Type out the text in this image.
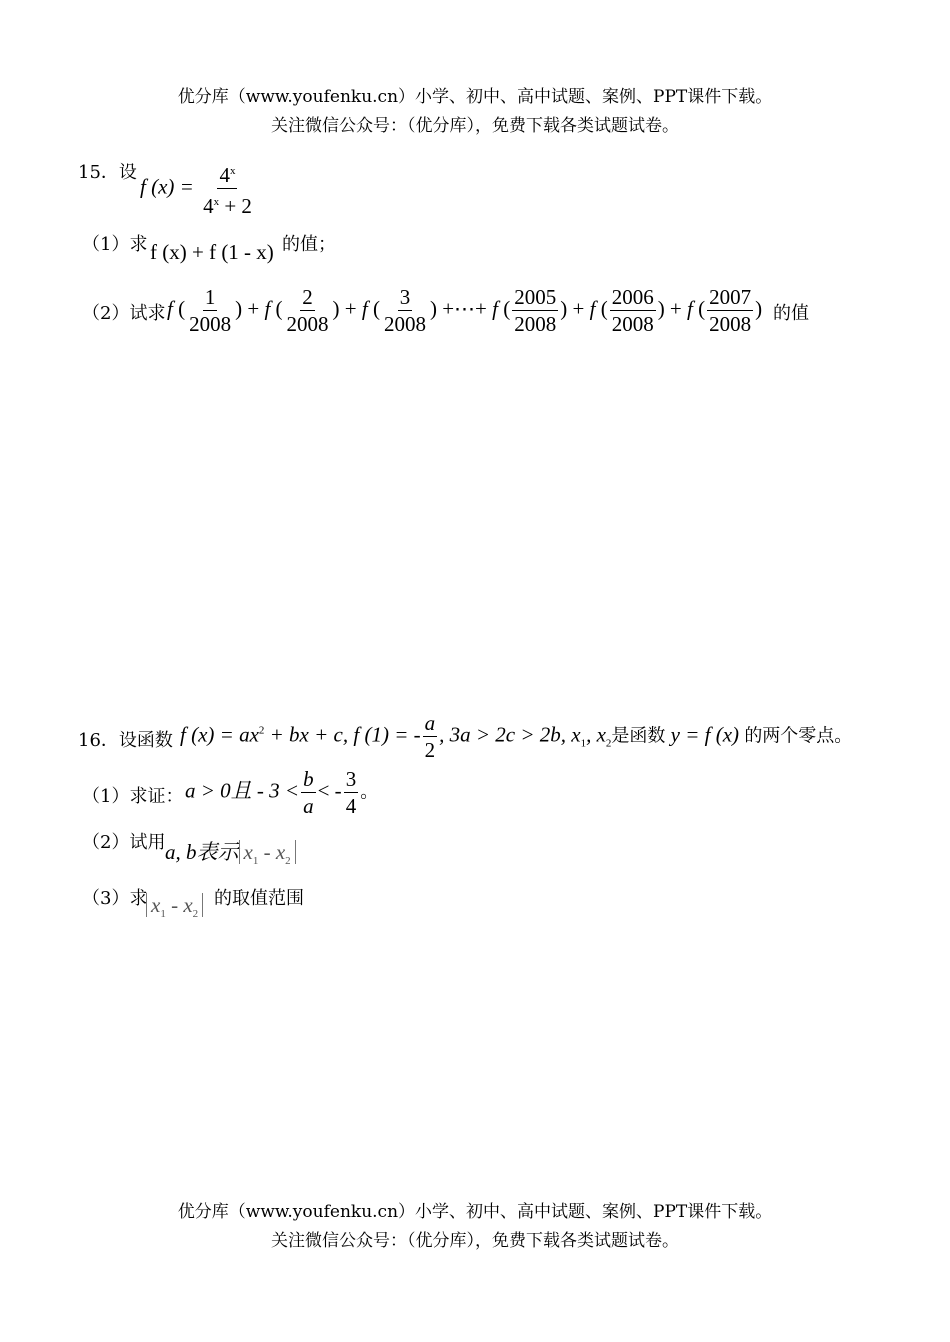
优分库（www.youfenku.cn）小学、初中、高中试题、案例、PPT课件下载。
关注微信公众号：（优分库），免费下载各类试题试卷。
15．设
f $(x) = \frac{4^x}{4^x + 2}$
（1）求 f (x) + f (1 - x) 的值；
（2）试求 f ( $\frac{1}{2008}$ ) + f ( $\frac{2}{2008}$ ) + f ( $\frac{3}{2008}$ ) +⋯+ f ( $\frac{2005}{2008}$ ) + f ( $\frac{2006}{2008}$ ) + f ( $\frac{2007}{2008}$ ) 的值
16．设函数 f $(x) = ax^2$ + bx + c, f (1) = - $\frac{a}{2}$ , 3a > 2c > 2b, $x_1$, $x_2$是函数 y = f (x) 的两个零点。
（1）求证： a > 0且 - $3 < \frac{b}{a}$ < - $\frac{3}{4}$ 。
（2）试用 a, b表示 $x_1 - x_2$
（3）求 $x_1 - x_2$
的取值范围
优分库（www.youfenku.cn）小学、初中、高中试题、案例、PPT课件下载。
关注微信公众号：（优分库），免费下载各类试题试卷。
